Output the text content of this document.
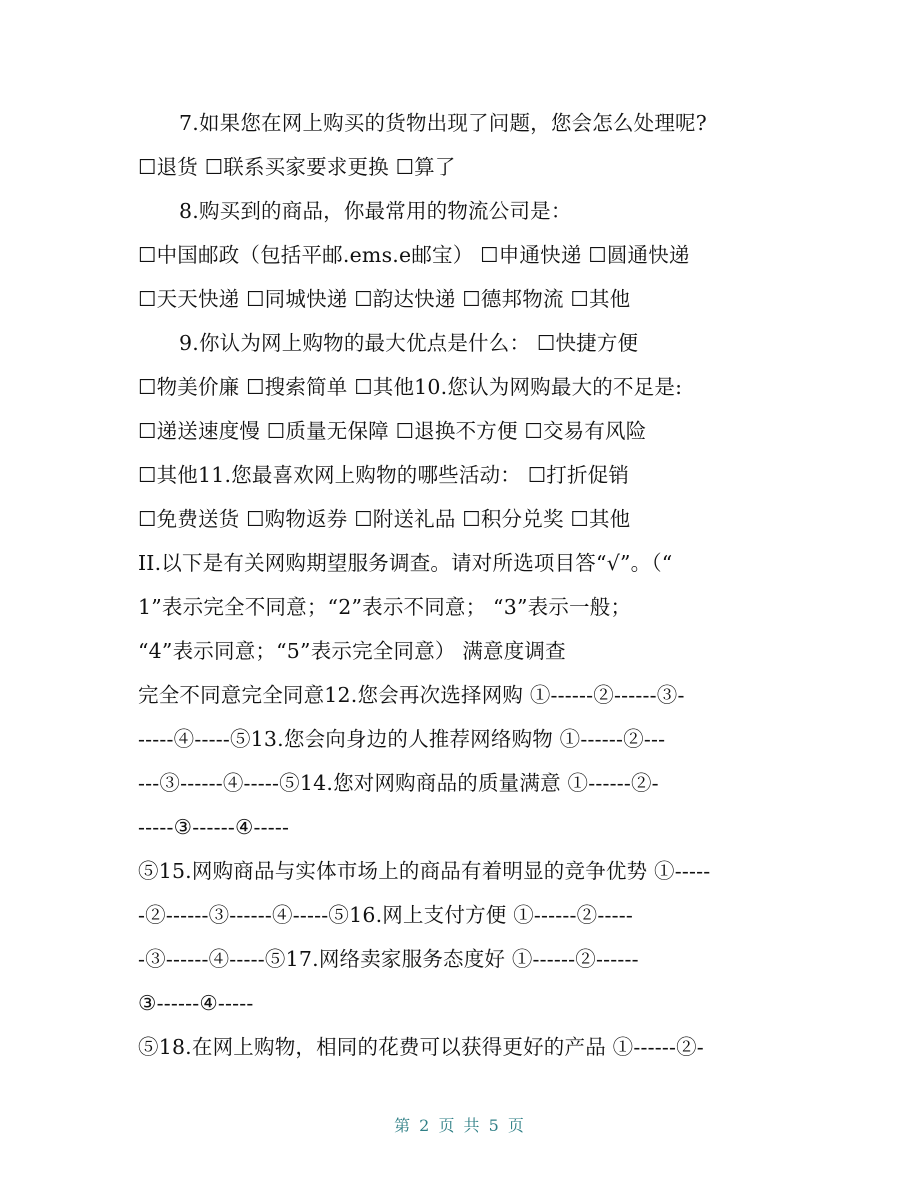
7.如果您在网上购买的货物出现了问题，您会怎么处理呢?
☐退货 ☐联系买家要求更换 ☐算了
8.购买到的商品，你最常用的物流公司是：
☐中国邮政（包括平邮.ems.e邮宝） ☐申通快递 ☐圆通快递
☐天天快递 ☐同城快递 ☐韵达快递 ☐德邦物流 ☐其他
9.你认为网上购物的最大优点是什么： ☐快捷方便
☐物美价廉 ☐搜索简单 ☐其他10.您认为网购最大的不足是:
☐递送速度慢 ☐质量无保障 ☐退换不方便 ☐交易有风险
☐其他11.您最喜欢网上购物的哪些活动： ☐打折促销
☐免费送货 ☐购物返券 ☐附送礼品 ☐积分兑奖 ☐其他
II.以下是有关网购期望服务调查。请对所选项目答“√”。（“
1”表示完全不同意；“2”表示不同意； “3”表示一般；
“4”表示同意；“5”表示完全同意） 满意度调查
完全不同意完全同意12.您会再次选择网购 ①------②------③-
-----④-----⑤13.您会向身边的人推荐网络购物 ①------②---
---③------④-----⑤14.您对网购商品的质量满意 ①------②-
-----③------④-----
⑤15.网购商品与实体市场上的商品有着明显的竞争优势 ①-----
-②------③------④-----⑤16.网上支付方便 ①------②-----
-③------④-----⑤17.网络卖家服务态度好 ①------②------
③------④-----
⑤18.在网上购物，相同的花费可以获得更好的产品 ①------②-
第 2 页 共 5 页
